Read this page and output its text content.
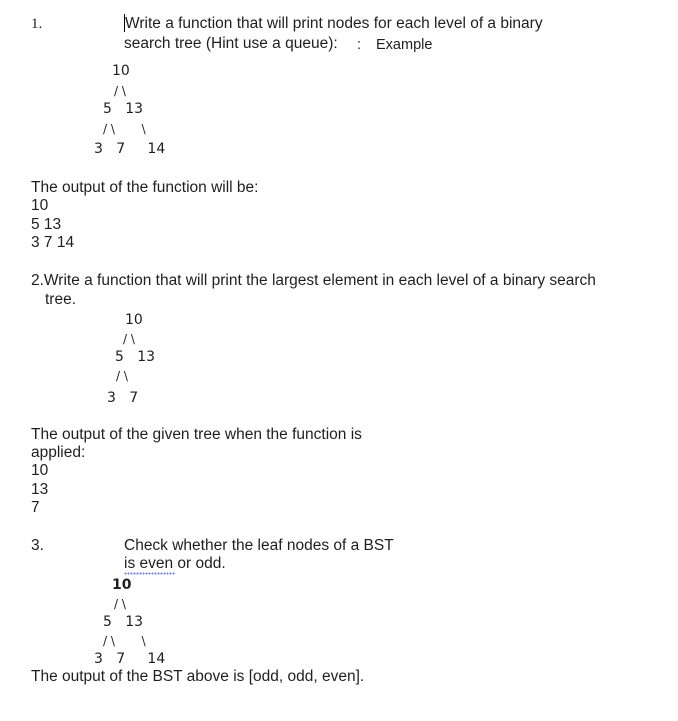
1.	Write a function that will print nodes for each level of a binary
search tree (Hint use a queue): : Example
10
/ \
5   13
/ \       \
3   7     14
The output of the function will be:
10
5 13
3 7 14
2.Write a function that will print the largest element in each level of a binary search
tree.
10
/ \
5   13
/ \
3   7
The output of the given tree when the function is
applied:
10
13
7
3.	Check whether the leaf nodes of a BST
is even or odd.
10
/ \
5   13
/ \       \
3   7     14
The output of the BST above is [odd, odd, even].
